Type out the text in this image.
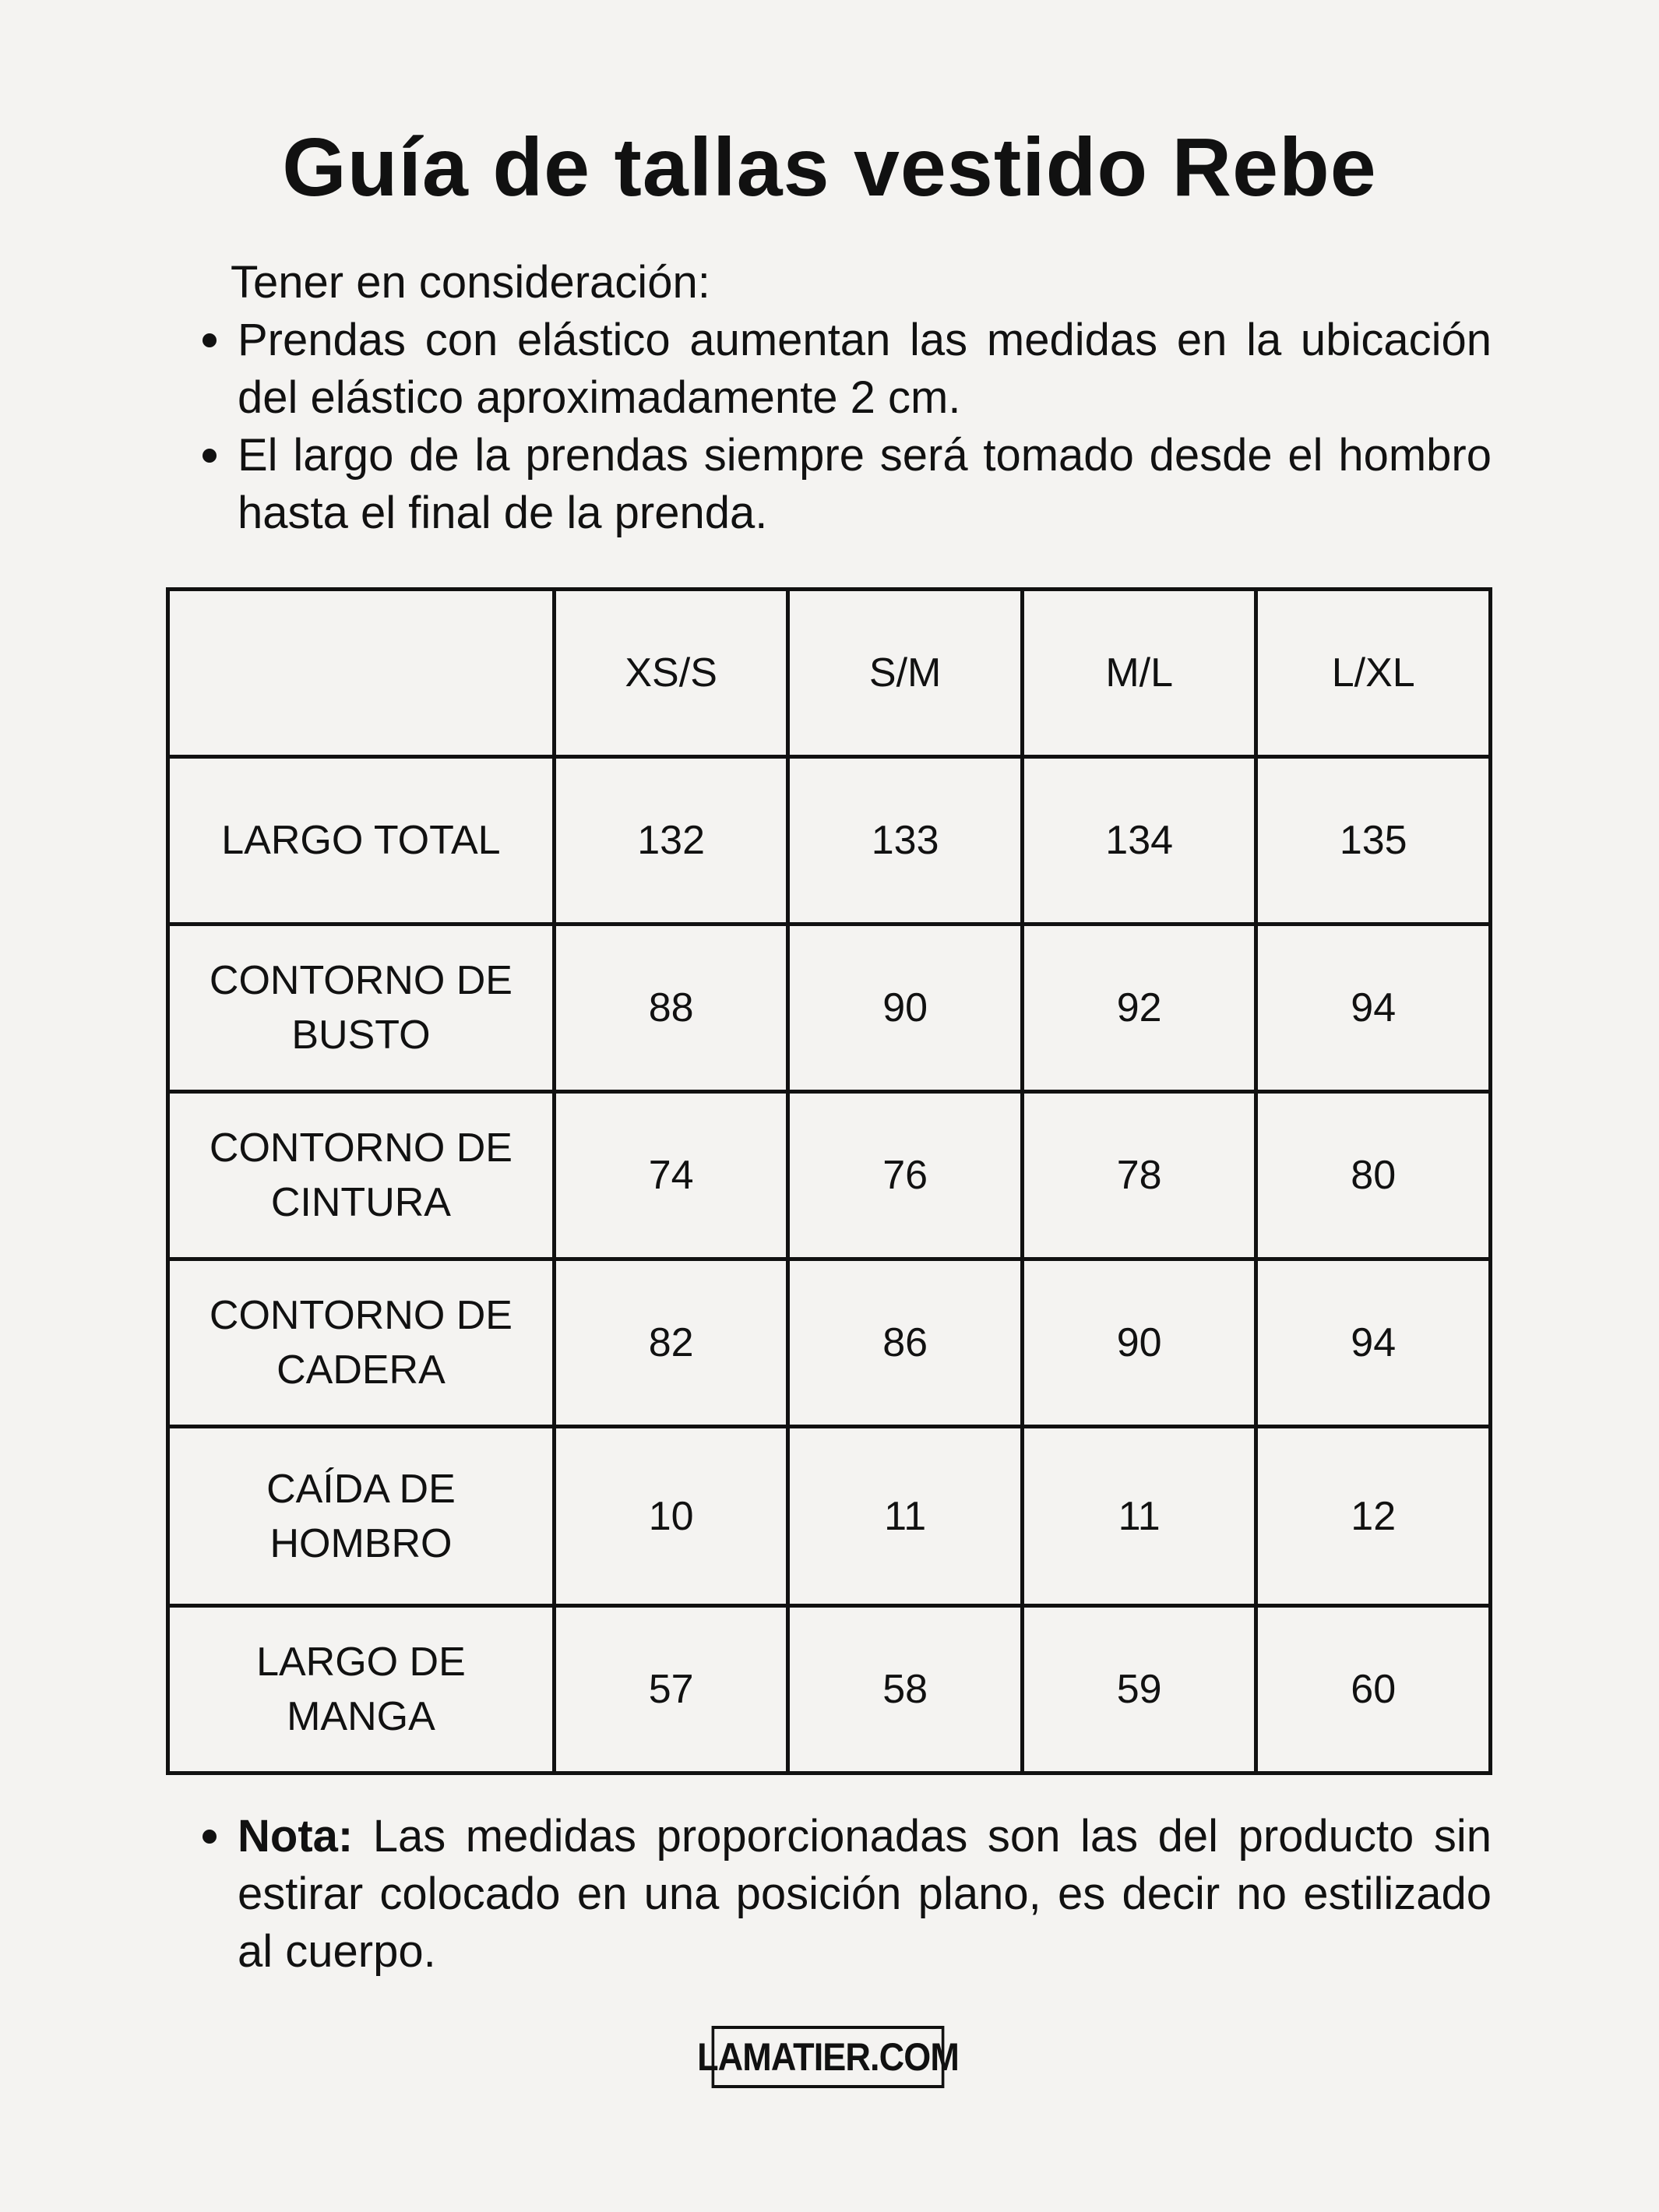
Guía de tallas vestido Rebe
Tener en consideración:
Prendas con elástico aumentan las medidas en la ubicación del elástico aproximadamente 2 cm.
El largo de la prendas siempre será tomado desde el hombro hasta el final de la prenda.
	XS/S	S/M	M/L	L/XL
LARGO TOTAL	132	133	134	135
CONTORNO DE BUSTO	88	90	92	94
CONTORNO DE CINTURA	74	76	78	80
CONTORNO DE CADERA	82	86	90	94
CAÍDA DE HOMBRO	10	11	11	12
LARGO DE MANGA	57	58	59	60
Nota: Las medidas proporcionadas son las del producto sin estirar colocado en una posición plano, es decir no estilizado al cuerpo.
LAMATIER.COM
